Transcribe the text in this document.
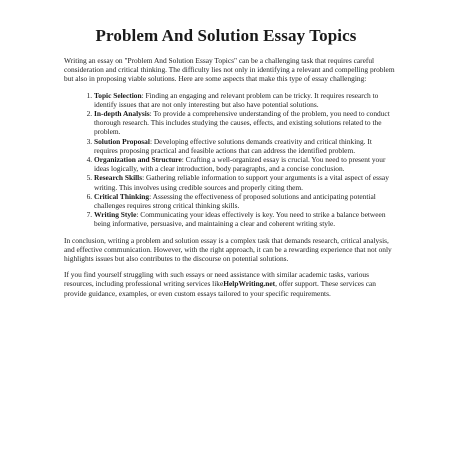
Problem And Solution Essay Topics

Writing an essay on "Problem And Solution Essay Topics" can be a challenging task that requires careful consideration and critical thinking. The difficulty lies not only in identifying a relevant and compelling problem but also in proposing viable solutions. Here are some aspects that make this type of essay challenging:

1. Topic Selection: Finding an engaging and relevant problem can be tricky. It requires research to identify issues that are not only interesting but also have potential solutions.
2. In-depth Analysis: To provide a comprehensive understanding of the problem, you need to conduct thorough research. This includes studying the causes, effects, and existing solutions related to the problem.
3. Solution Proposal: Developing effective solutions demands creativity and critical thinking. It requires proposing practical and feasible actions that can address the identified problem.
4. Organization and Structure: Crafting a well-organized essay is crucial. You need to present your ideas logically, with a clear introduction, body paragraphs, and a concise conclusion.
5. Research Skills: Gathering reliable information to support your arguments is a vital aspect of essay writing. This involves using credible sources and properly citing them.
6. Critical Thinking: Assessing the effectiveness of proposed solutions and anticipating potential challenges requires strong critical thinking skills.
7. Writing Style: Communicating your ideas effectively is key. You need to strike a balance between being informative, persuasive, and maintaining a clear and coherent writing style.

In conclusion, writing a problem and solution essay is a complex task that demands research, critical analysis, and effective communication. However, with the right approach, it can be a rewarding experience that not only highlights issues but also contributes to the discourse on potential solutions.

If you find yourself struggling with such essays or need assistance with similar academic tasks, various resources, including professional writing services likeHelpWriting.net, offer support. These services can provide guidance, examples, or even custom essays tailored to your specific requirements.
